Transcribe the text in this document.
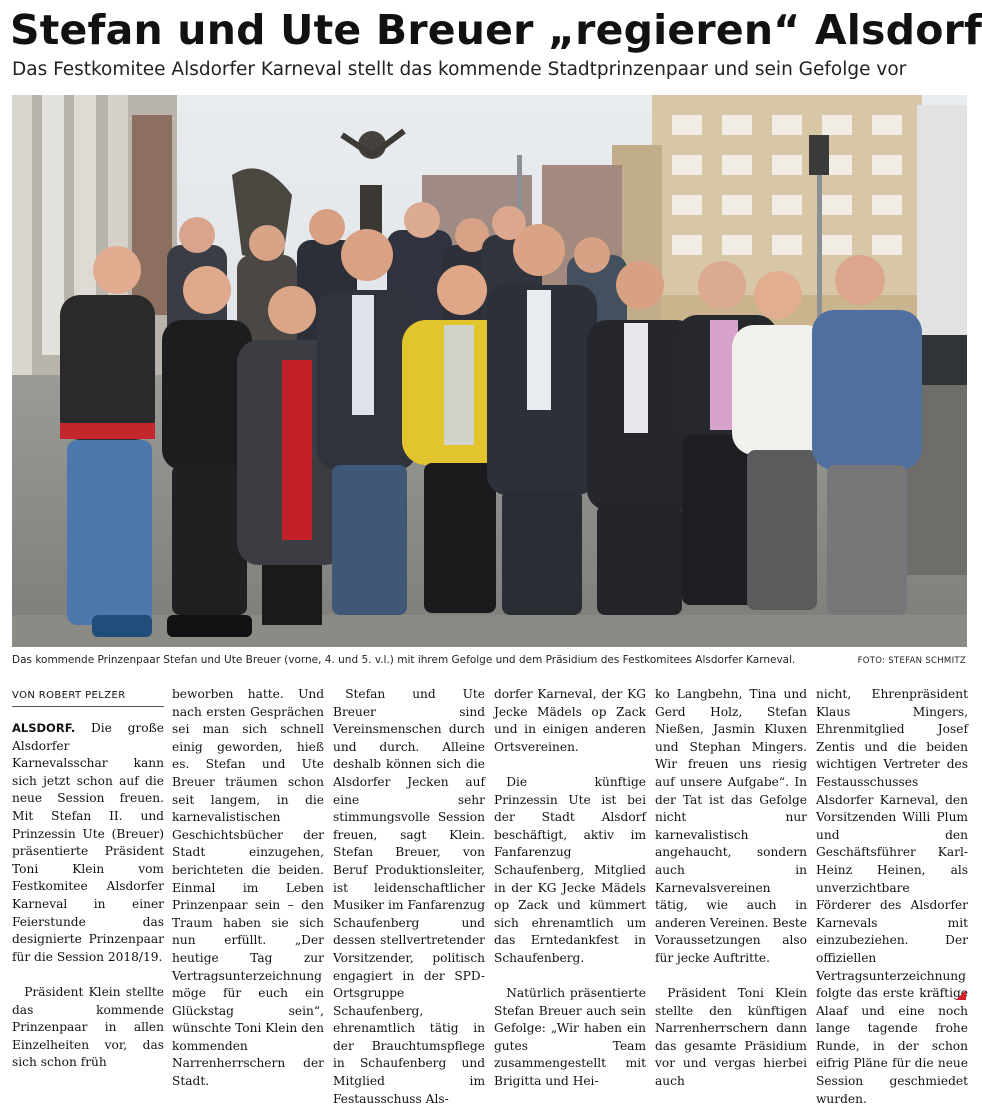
Stefan und Ute Breuer „regieren“ Alsdorf
Das Festkomitee Alsdorfer Karneval stellt das kommende Stadtprinzenpaar und sein Gefolge vor
Das kommende Prinzenpaar Stefan und Ute Breuer (vorne, 4. und 5. v.l.) mit ihrem Gefolge und dem Präsidium des Festkomitees Alsdorfer Karneval.	FOTO: STEFAN SCHMITZ
VON ROBERT PELZER

ALSDORF. Die große Alsdorfer Karnevalsschar kann sich jetzt schon auf die neue Session freuen. Mit Stefan II. und Prinzessin Ute (Breuer) präsentierte Präsident Toni Klein vom Festkomitee Alsdorfer Karneval in einer Feierstunde das designierte Prinzenpaar für die Session 2018/19.

Präsident Klein stellte das kommende Prinzenpaar in allen Einzelheiten vor, das sich schon früh

beworben hatte. Und nach ersten Gesprächen sei man sich schnell einig geworden, hieß es. Stefan und Ute Breuer träumen schon seit langem, in die karnevalistischen Geschichtsbücher der Stadt einzugehen, berichteten die beiden. Einmal im Leben Prinzenpaar sein – den Traum haben sie sich nun erfüllt. „Der heutige Tag zur Vertragsunterzeichnung möge für euch ein Glückstag sein“, wünschte Toni Klein den kommenden Narrenherrschern der Stadt.

Stefan und Ute Breuer sind Vereinsmenschen durch und durch. Alleine deshalb können sich die Alsdorfer Jecken auf eine sehr stimmungsvolle Session freuen, sagt Klein. Stefan Breuer, von Beruf Produktionsleiter, ist leidenschaftlicher Musiker im Fanfarenzug Schaufenberg und dessen stellvertretender Vorsitzender, politisch engagiert in der SPD-Ortsgruppe Schaufenberg, ehrenamtlich tätig in der Brauchtumspflege in Schaufenberg und Mitglied im Festausschuss Als-

dorfer Karneval, der KG Jecke Mädels op Zack und in einigen anderen Ortsvereinen.

Die künftige Prinzessin Ute ist bei der Stadt Alsdorf beschäftigt, aktiv im Fanfarenzug Schaufenberg, Mitglied in der KG Jecke Mädels op Zack und kümmert sich ehrenamtlich um das Erntedankfest in Schaufenberg.

Natürlich präsentierte Stefan Breuer auch sein Gefolge: „Wir haben ein gutes Team zusammengestellt mit Brigitta und Hei-

ko Langbehn, Tina und Gerd Holz, Stefan Nießen, Jasmin Kluxen und Stephan Mingers. Wir freuen uns riesig auf unsere Aufgabe“. In der Tat ist das Gefolge nicht nur karnevalistisch angehaucht, sondern auch in Karnevalsvereinen tätig, wie auch in anderen Vereinen. Beste Voraussetzungen also für jecke Auftritte.

Präsident Toni Klein stellte den künftigen Narrenherrschern dann das gesamte Präsidium vor und vergas hierbei auch

nicht, Ehrenpräsident Klaus Mingers, Ehrenmitglied Josef Zentis und die beiden wichtigen Vertreter des Festausschusses Alsdorfer Karneval, den Vorsitzenden Willi Plum und den Geschäftsführer Karl-Heinz Heinen, als unverzichtbare Förderer des Alsdorfer Karnevals mit einzubeziehen. Der offiziellen Vertragsunterzeichnung folgte das erste kräftige Alaaf und eine noch lange tagende frohe Runde, in der schon eifrig Pläne für die neue Session geschmiedet wurden.
